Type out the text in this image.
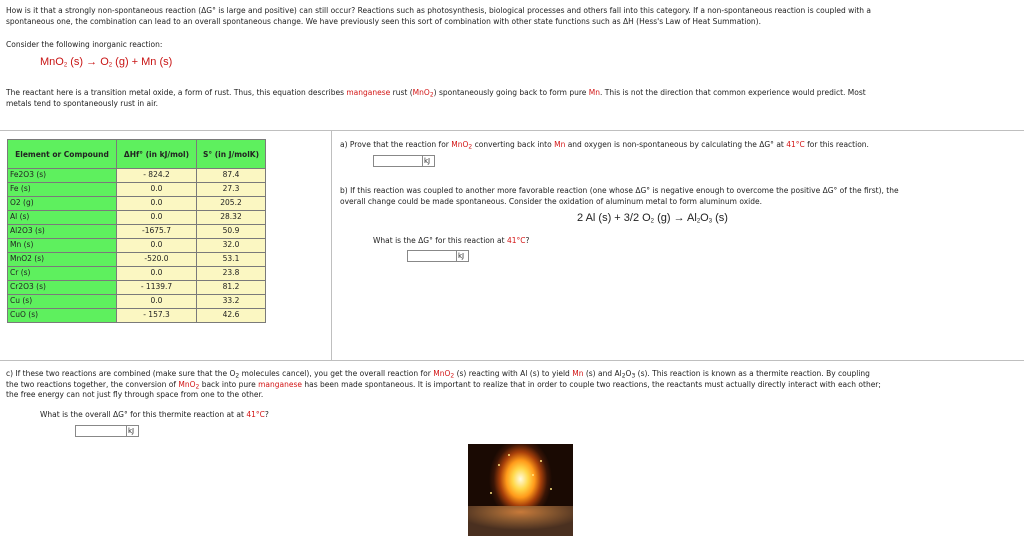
How is it that a strongly non-spontaneous reaction (ΔG° is large and positive) can still occur? Reactions such as photosynthesis, biological processes and others fall into this category. If a non-spontaneous reaction is coupled with a
spontaneous one, the combination can lead to an overall spontaneous change. We have previously seen this sort of combination with other state functions such as ΔH (Hess's Law of Heat Summation).
Consider the following inorganic reaction:
MnO$_2$ $(s) \to O_2$ (g) + Mn (s)
The reactant here is a transition metal oxide, a form of rust. Thus, this equation describes manganese rust (MnO$_2$) spontaneously going back to form pure Mn. This is not the direction that common experience would predict. Most
metals tend to spontaneously rust in air.
Element or Compound	ΔHf° (in kJ/mol)	S° (in J/molK)
Fe2O3 (s)	- 824.2	87.4
Fe (s)	0.0	27.3
O2 (g)	0.0	205.2
Al (s)	0.0	28.32
Al2O3 (s)	-1675.7	50.9
Mn (s)	0.0	32.0
MnO2 (s)	-520.0	53.1
Cr (s)	0.0	23.8
Cr2O3 (s)	- 1139.7	81.2
Cu (s)	0.0	33.2
CuO (s)	- 157.3	42.6
a) Prove that the reaction for MnO$_2$ converting back into Mn and oxygen is non-spontaneous by calculating the ΔG° at 41°C for this reaction.
kJ
b) If this reaction was coupled to another more favorable reaction (one whose ΔG° is negative enough to overcome the positive ΔG° of the first), the
overall change could be made spontaneous. Consider the oxidation of aluminum metal to form aluminum oxide.
2 Al (s) + 3/2 $O_2$ $(g) \to Al_2O_3$ (s)
What is the ΔG° for this reaction at 41°C?
kJ
c) If these two reactions are combined (make sure that the $O_2$ molecules cancel), you get the overall reaction for MnO$_2$ (s) reacting with Al (s) to yield Mn (s) and $Al_2O_3$ (s). This reaction is known as a thermite reaction. By coupling
the two reactions together, the conversion of MnO$_2$ back into pure manganese has been made spontaneous. It is important to realize that in order to couple two reactions, the reactants must actually directly interact with each other;
the free energy can not just fly through space from one to the other.
What is the overall ΔG° for this thermite reaction at at 41°C?
kJ
